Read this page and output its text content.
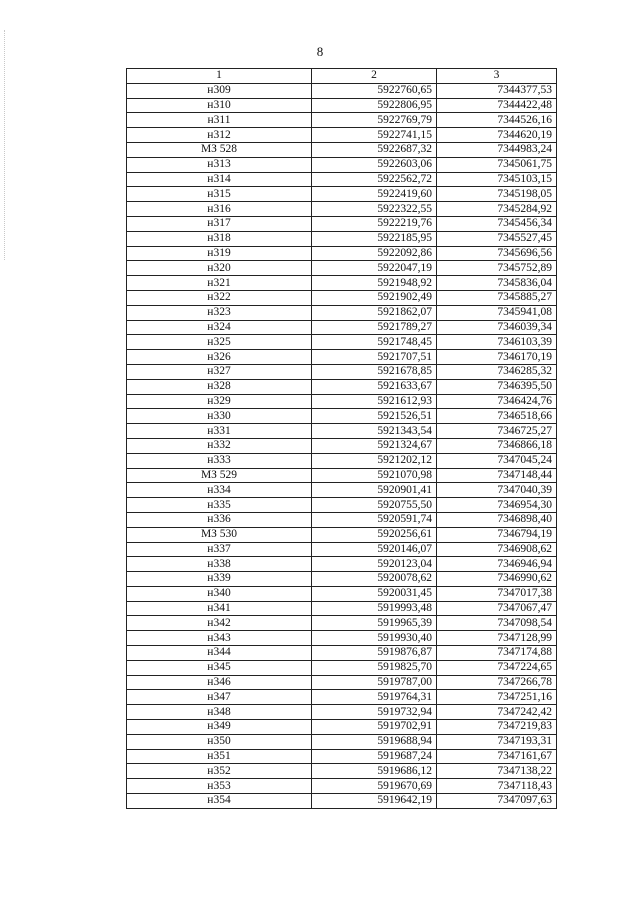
8
1	2	3
н309	5922760,65	7344377,53
н310	5922806,95	7344422,48
н311	5922769,79	7344526,16
н312	5922741,15	7344620,19
МЗ 528	5922687,32	7344983,24
н313	5922603,06	7345061,75
н314	5922562,72	7345103,15
н315	5922419,60	7345198,05
н316	5922322,55	7345284,92
н317	5922219,76	7345456,34
н318	5922185,95	7345527,45
н319	5922092,86	7345696,56
н320	5922047,19	7345752,89
н321	5921948,92	7345836,04
н322	5921902,49	7345885,27
н323	5921862,07	7345941,08
н324	5921789,27	7346039,34
н325	5921748,45	7346103,39
н326	5921707,51	7346170,19
н327	5921678,85	7346285,32
н328	5921633,67	7346395,50
н329	5921612,93	7346424,76
н330	5921526,51	7346518,66
н331	5921343,54	7346725,27
н332	5921324,67	7346866,18
н333	5921202,12	7347045,24
МЗ 529	5921070,98	7347148,44
н334	5920901,41	7347040,39
н335	5920755,50	7346954,30
н336	5920591,74	7346898,40
МЗ 530	5920256,61	7346794,19
н337	5920146,07	7346908,62
н338	5920123,04	7346946,94
н339	5920078,62	7346990,62
н340	5920031,45	7347017,38
н341	5919993,48	7347067,47
н342	5919965,39	7347098,54
н343	5919930,40	7347128,99
н344	5919876,87	7347174,88
н345	5919825,70	7347224,65
н346	5919787,00	7347266,78
н347	5919764,31	7347251,16
н348	5919732,94	7347242,42
н349	5919702,91	7347219,83
н350	5919688,94	7347193,31
н351	5919687,24	7347161,67
н352	5919686,12	7347138,22
н353	5919670,69	7347118,43
н354	5919642,19	7347097,63
